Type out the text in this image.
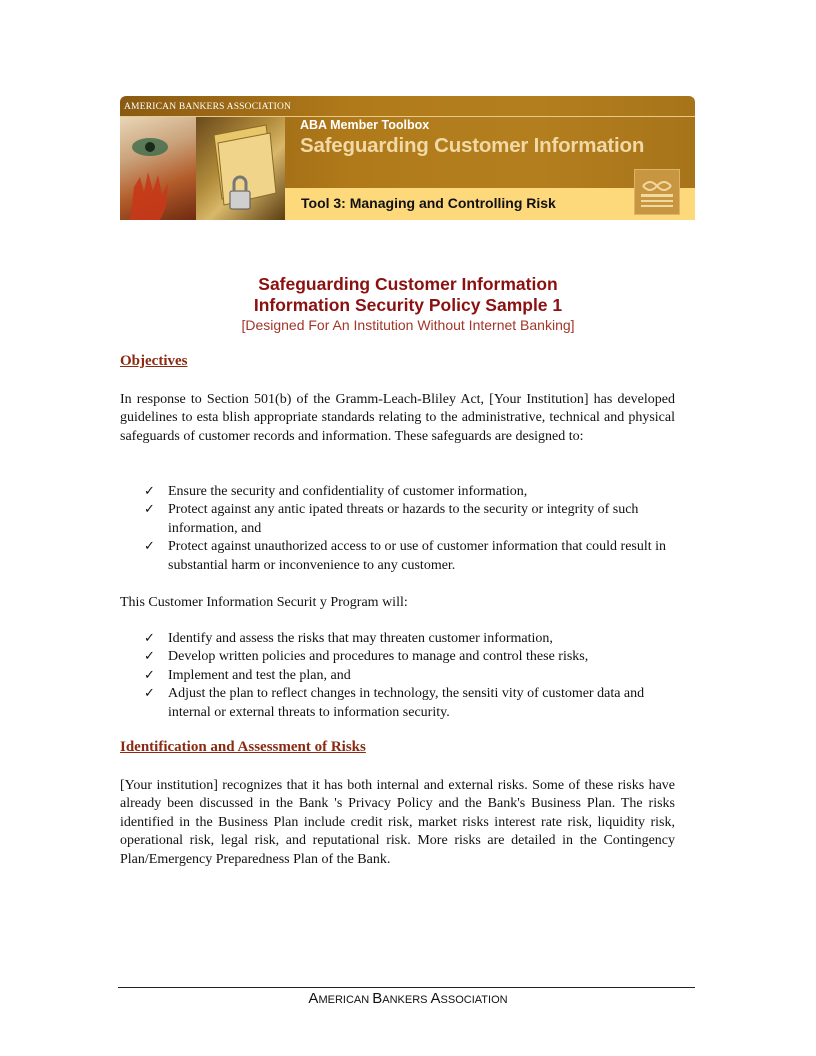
AMERICAN BANKERS ASSOCIATION
ABA Member Toolbox
Safeguarding Customer Information
Tool 3: Managing and Controlling Risk
Safeguarding Customer Information
Information Security Policy Sample 1
[Designed For An Institution Without Internet Banking]
Objectives
In response to Section 501(b) of the Gramm-Leach-Bliley Act, [Your Institution] has developed guidelines to esta blish appropriate standards relating to the administrative, technical and physical safeguards of customer records and information. These safeguards are designed to:
✓ Ensure the security and confidentiality of customer information,
✓ Protect against any antic ipated threats or hazards to the security or integrity of such information, and
✓ Protect against unauthorized access to or use of customer information that could result in substantial harm or inconvenience to any customer.
This Customer Information Securit y Program will:
✓ Identify and assess the risks that may threaten customer information,
✓ Develop written policies and procedures to manage and control these risks,
✓ Implement and test the plan, and
✓ Adjust the plan to reflect changes in technology, the sensiti vity of customer data and internal or external threats to information security.
Identification and Assessment of Risks
[Your institution] recognizes that it has both internal and external risks. Some of these risks have already been discussed in the Bank 's Privacy Policy and the Bank's Business Plan. The risks identified in the Business Plan include credit risk, market risks interest rate risk, liquidity risk, operational risk, legal risk, and reputational risk. More risks are detailed in the Contingency Plan/Emergency Preparedness Plan of the Bank.
AMERICAN BANKERS ASSOCIATION
